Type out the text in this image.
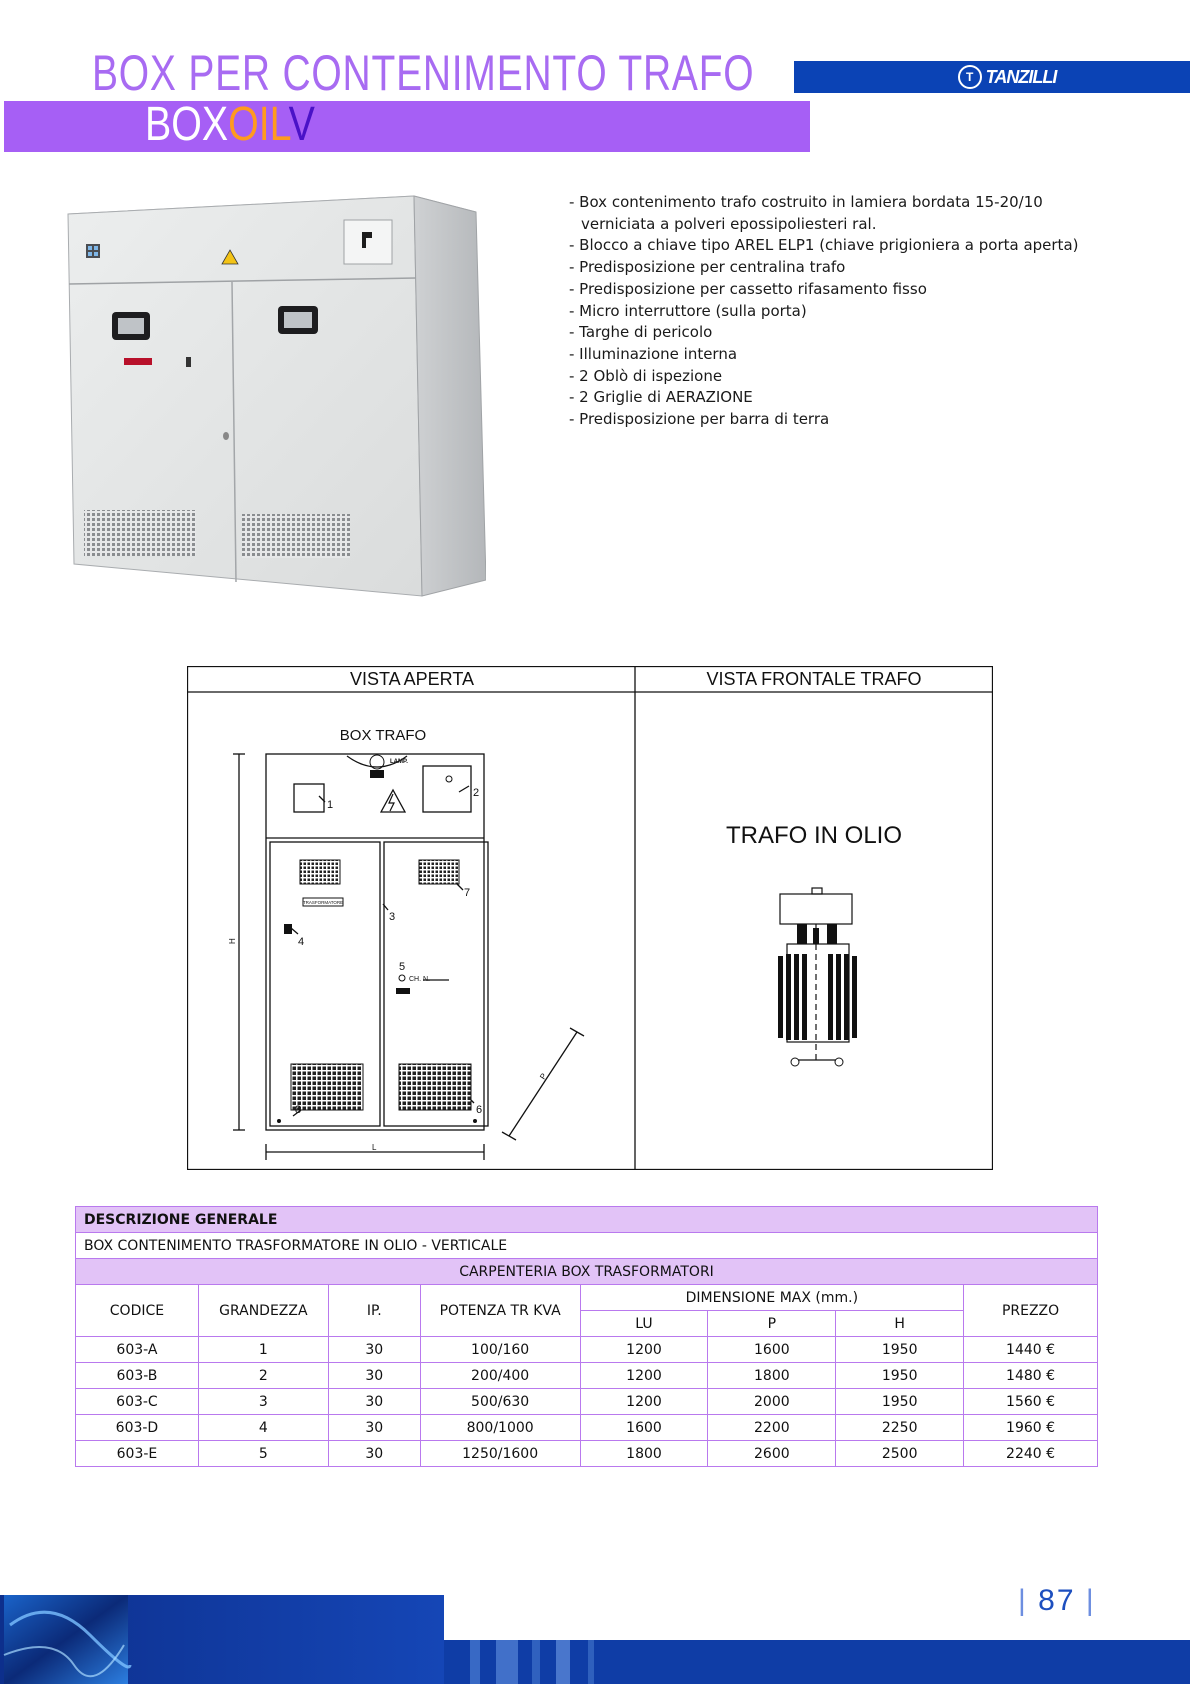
BOX PER CONTENIMENTO TRAFO	T TANZILLI
BOXOILV
- Box contenimento trafo costruito in lamiera bordata 15-20/10 verniciata a polveri epossipoliesteri ral.
- Blocco a chiave tipo AREL ELP1 (chiave prigioniera a porta aperta)
- Predisposizione per centralina trafo
- Predisposizione per cassetto rifasamento fisso
- Micro interruttore (sulla porta)
- Targhe di pericolo
- Illuminazione interna
- 2 Oblò di ispezione
- 2 Griglie di AERAZIONE
- Predisposizione per barra di terra
VISTA APERTA	VISTA FRONTALE TRAFO
BOX TRAFO
LAMP.
TRASFORMATORE
CH. N.
1
2
3
4
5
6
7
8
H
L
P
TRAFO IN OLIO
DESCRIZIONE GENERALE							
BOX CONTENIMENTO TRASFORMATORE IN OLIO - VERTICALE							
CARPENTERIA BOX TRASFORMATORI							
CODICE	GRANDEZZA	IP.	POTENZA TR KVA	DIMENSIONE MAX (mm.)			PREZZO
				LU	P	H	
603-A	1	30	100/160	1200	1600	1950	1440 €
603-B	2	30	200/400	1200	1800	1950	1480 €
603-C	3	30	500/630	1200	2000	1950	1560 €
603-D	4	30	800/1000	1600	2200	2250	1960 €
603-E	5	30	1250/1600	1800	2600	2500	2240 €
| 87 |
